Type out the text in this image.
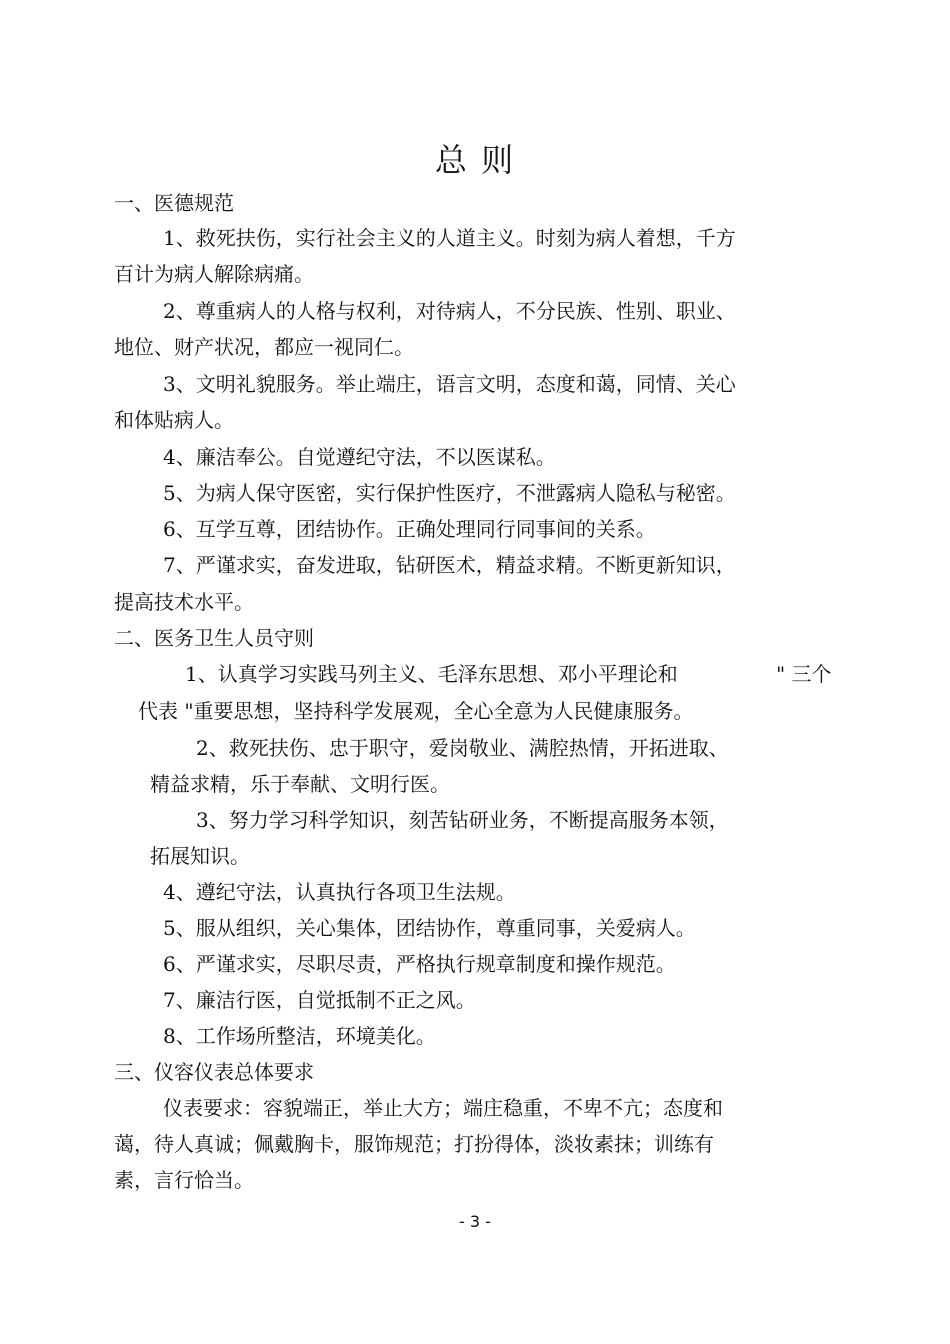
总 则
一、医德规范
1、救死扶伤，实行社会主义的人道主义。时刻为病人着想，千方
百计为病人解除病痛。
2、尊重病人的人格与权利，对待病人，不分民族、性别、职业、
地位、财产状况，都应一视同仁。
3、文明礼貌服务。举止端庄，语言文明，态度和蔼，同情、关心
和体贴病人。
4、廉洁奉公。自觉遵纪守法，不以医谋私。
5、为病人保守医密，实行保护性医疗，不泄露病人隐私与秘密。
6、互学互尊，团结协作。正确处理同行同事间的关系。
7、严谨求实，奋发进取，钻研医术，精益求精。不断更新知识，
提高技术水平。
二、医务卫生人员守则
1、认真学习实践马列主义、毛泽东思想、邓小平理论和	" 三个
代表 "重要思想，坚持科学发展观，全心全意为人民健康服务。
2、救死扶伤、忠于职守，爱岗敬业、满腔热情，开拓进取、
精益求精，乐于奉献、文明行医。
3、努力学习科学知识，刻苦钻研业务，不断提高服务本领，
拓展知识。
4、遵纪守法，认真执行各项卫生法规。
5、服从组织，关心集体，团结协作，尊重同事，关爱病人。
6、严谨求实，尽职尽责，严格执行规章制度和操作规范。
7、廉洁行医，自觉抵制不正之风。
8、工作场所整洁，环境美化。
三、仪容仪表总体要求
仪表要求：容貌端正，举止大方；端庄稳重，不卑不亢；态度和
蔼，待人真诚；佩戴胸卡，服饰规范；打扮得体，淡妆素抹；训练有
素，言行恰当。
- 3 -
